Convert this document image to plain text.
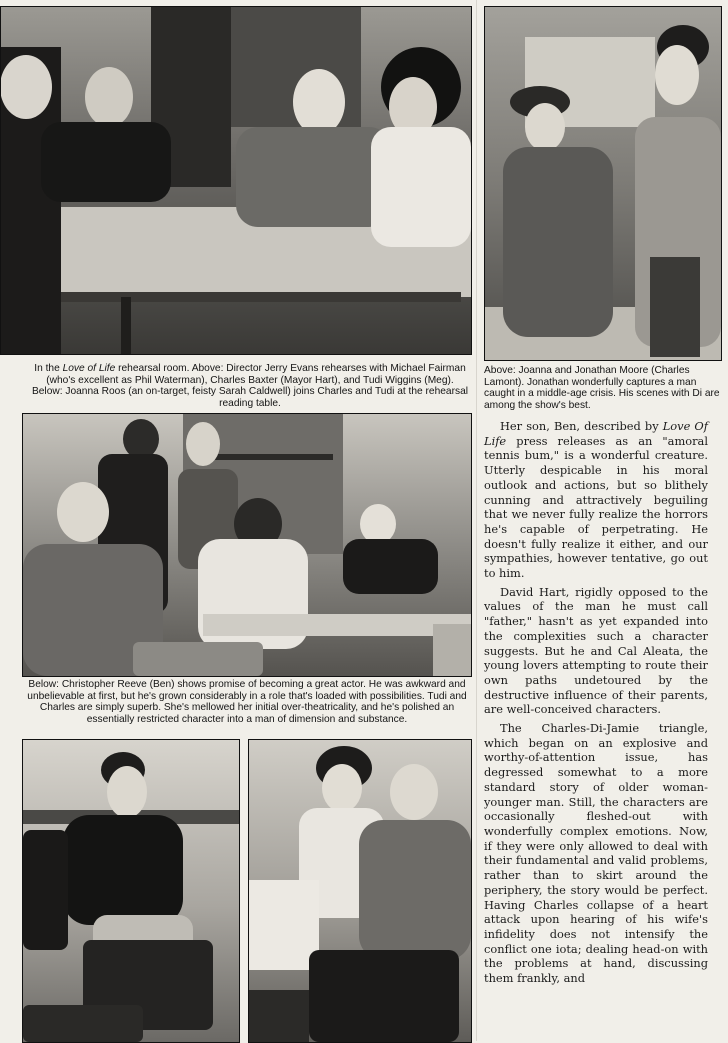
In the Love of Life rehearsal room. Above: Director Jerry Evans rehearses with Michael Fairman (who's excellent as Phil Waterman), Charles Baxter (Mayor Hart), and Tudi Wiggins (Meg). Below: Joanna Roos (an on-target, feisty Sarah Caldwell) joins Charles and Tudi at the rehearsal reading table.

Above: Joanna and Jonathan Moore (Charles Lamont). Jonathan wonderfully captures a man caught in a middle-age crisis. His scenes with Di are among the show's best.

Below: Christopher Reeve (Ben) shows promise of becoming a great actor. He was awkward and unbelievable at first, but he's grown considerably in a role that's loaded with possibilities. Tudi and Charles are simply superb. She's mellowed her initial over-theatricality, and he's polished an essentially restricted character into a man of dimension and substance.

Her son, Ben, described by Love Of Life press releases as an "amoral tennis bum," is a wonderful creature. Utterly despicable in his moral outlook and actions, but so blithely cunning and attractively beguiling that we never fully realize the horrors he's capable of perpetrating. He doesn't fully realize it either, and our sympathies, however tentative, go out to him.

David Hart, rigidly opposed to the values of the man he must call "father," hasn't as yet expanded into the complexities such a character suggests. But he and Cal Aleata, the young lovers attempting to route their own paths undetoured by the destructive influence of their parents, are well-conceived characters.

The Charles-Di-Jamie triangle, which began on an explosive and worthy-of-attention issue, has degressed somewhat to a more standard story of older woman-younger man. Still, the characters are occasionally fleshed-out with wonderfully complex emotions. Now, if they were only allowed to deal with their fundamental and valid problems, rather than to skirt around the periphery, the story would be perfect. Having Charles collapse of a heart attack upon hearing of his wife's infidelity does not intensify the conflict one iota; dealing head-on with the problems at hand, discussing them frankly, and
